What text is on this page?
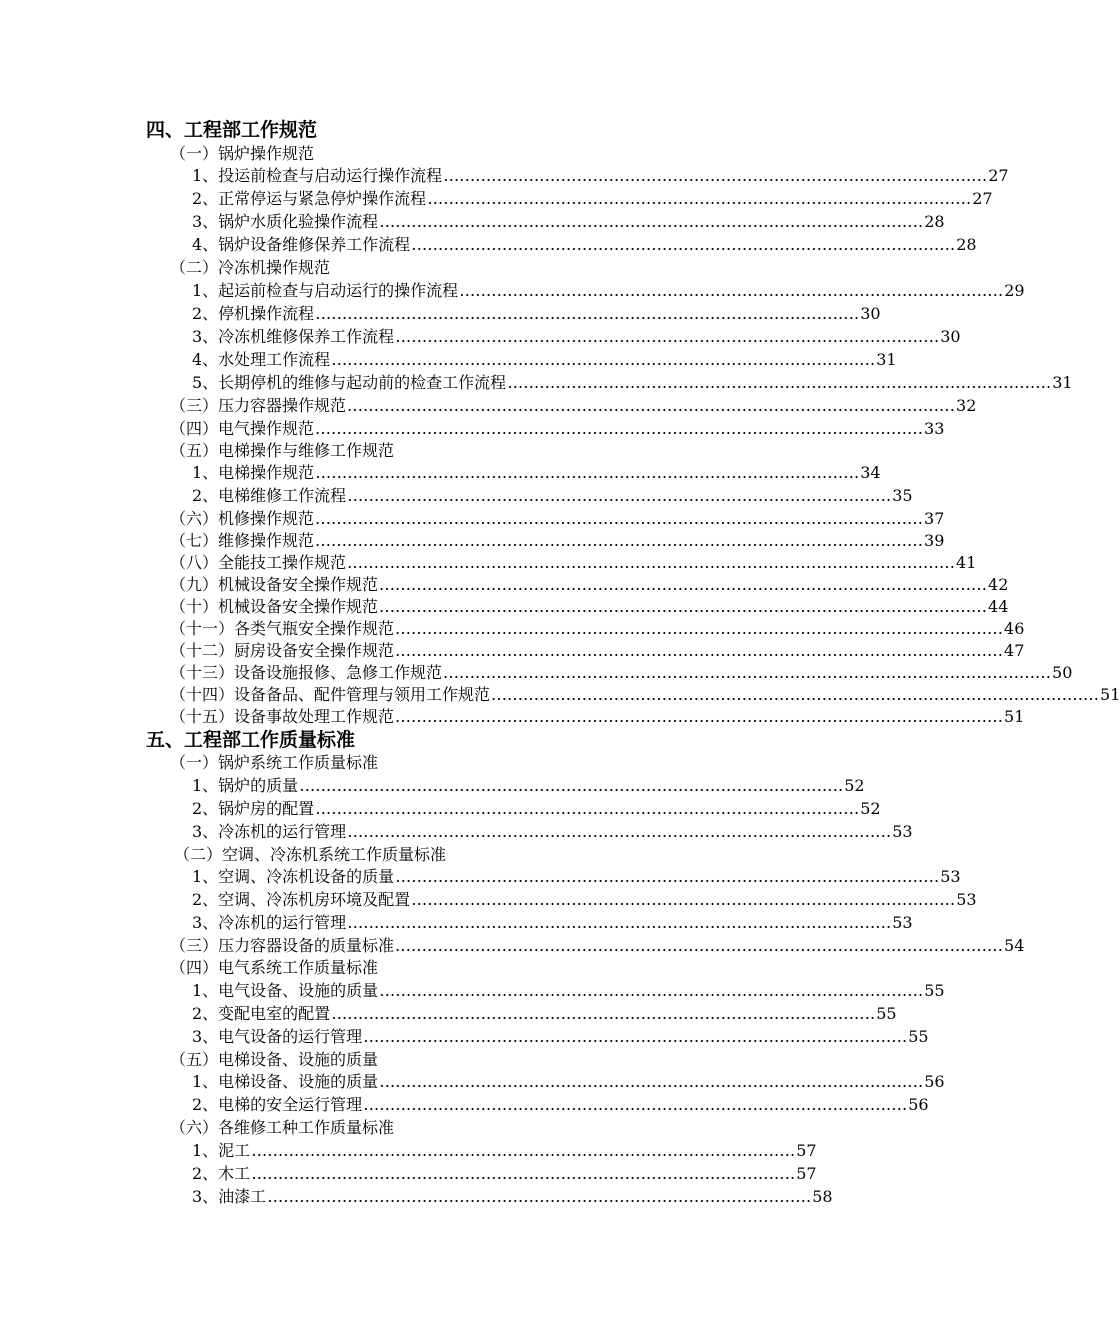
四、工程部工作规范
（一）锅炉操作规范
1、投运前检查与启动运行操作流程 ………………………………………………………………………………………… 27
2、正常停运与紧急停炉操作流程 ………………………………………………………………………………………… 27
3、锅炉水质化验操作流程 ………………………………………………………………………………………… 28
4、锅炉设备维修保养工作流程 ………………………………………………………………………………………… 28
（二）冷冻机操作规范
1、起运前检查与启动运行的操作流程 ………………………………………………………………………………………… 29
2、停机操作流程 ………………………………………………………………………………………… 30
3、冷冻机维修保养工作流程 ………………………………………………………………………………………… 30
4、水处理工作流程 ………………………………………………………………………………………… 31
5、长期停机的维修与起动前的检查工作流程 ………………………………………………………………………………………… 31
（三）压力容器操作规范 …………………………………………………………………………………………………… 32
（四）电气操作规范 …………………………………………………………………………………………………… 33
（五）电梯操作与维修工作规范
1、电梯操作规范 ………………………………………………………………………………………… 34
2、电梯维修工作流程 ………………………………………………………………………………………… 35
（六）机修操作规范 …………………………………………………………………………………………………… 37
（七）维修操作规范 …………………………………………………………………………………………………… 39
（八）全能技工操作规范 …………………………………………………………………………………………………… 41
（九）机械设备安全操作规范 …………………………………………………………………………………………………… 42
（十）机械设备安全操作规范 …………………………………………………………………………………………………… 44
（十一）各类气瓶安全操作规范 …………………………………………………………………………………………………… 46
（十二）厨房设备安全操作规范 …………………………………………………………………………………………………… 47
（十三）设备设施报修、急修工作规范 …………………………………………………………………………………………………… 50
（十四）设备备品、配件管理与领用工作规范 …………………………………………………………………………………………………… 51
（十五）设备事故处理工作规范 …………………………………………………………………………………………………… 51
五、工程部工作质量标准
（一）锅炉系统工作质量标准
1、锅炉的质量 ………………………………………………………………………………………… 52
2、锅炉房的配置 ………………………………………………………………………………………… 52
3、冷冻机的运行管理 ………………………………………………………………………………………… 53
（二）空调、冷冻机系统工作质量标准
1、空调、冷冻机设备的质量 ………………………………………………………………………………………… 53
2、空调、冷冻机房环境及配置 ………………………………………………………………………………………… 53
3、冷冻机的运行管理 ………………………………………………………………………………………… 53
（三）压力容器设备的质量标准 …………………………………………………………………………………………………… 54
（四）电气系统工作质量标准
1、电气设备、设施的质量 ………………………………………………………………………………………… 55
2、变配电室的配置 ………………………………………………………………………………………… 55
3、电气设备的运行管理 ………………………………………………………………………………………… 55
（五）电梯设备、设施的质量
1、电梯设备、设施的质量 ………………………………………………………………………………………… 56
2、电梯的安全运行管理 ………………………………………………………………………………………… 56
（六）各维修工种工作质量标准
1、泥工 ………………………………………………………………………………………… 57
2、木工 ………………………………………………………………………………………… 57
3、油漆工 ………………………………………………………………………………………… 58
